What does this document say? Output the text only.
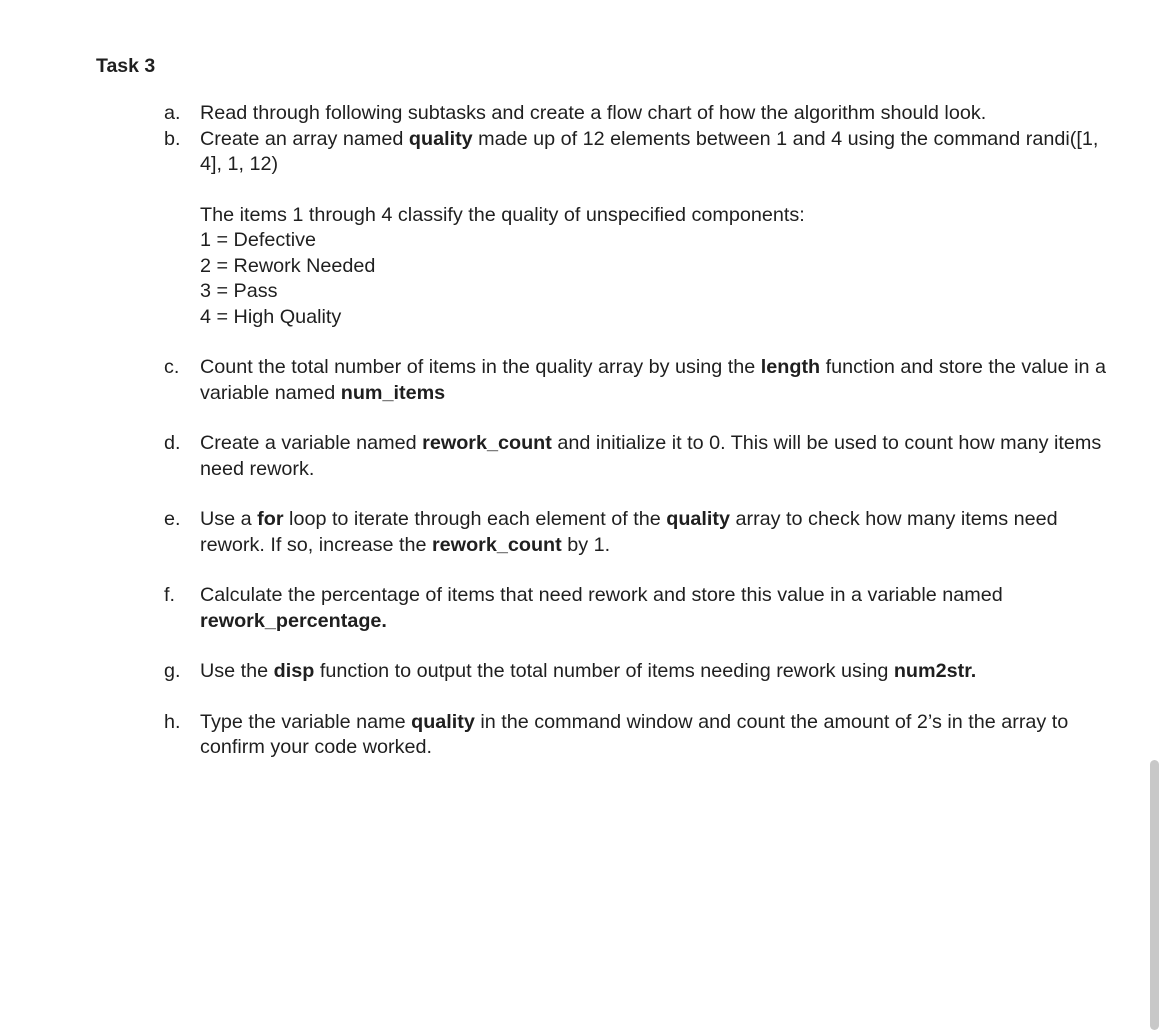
Task 3
a. Read through following subtasks and create a flow chart of how the algorithm should look.
b. Create an array named quality made up of 12 elements between 1 and 4 using the command randi([1, 4], 1, 12)
The items 1 through 4 classify the quality of unspecified components:
1 = Defective
2 = Rework Needed
3 = Pass
4 = High Quality
c.	Count the total number of items in the quality array by using the length function and store the value in a variable named num_items
d. Create a variable named rework_count and initialize it to 0. This will be used to count how many items need rework.
e. Use a for loop to iterate through each element of the quality array to check how many items need rework. If so, increase the rework_count by 1.
f.	Calculate the percentage of items that need rework and store this value in a variable named rework_percentage.
g. Use the disp function to output the total number of items needing rework using num2str.
h. Type the variable name quality in the command window and count the amount of 2’s in the array to confirm your code worked.
